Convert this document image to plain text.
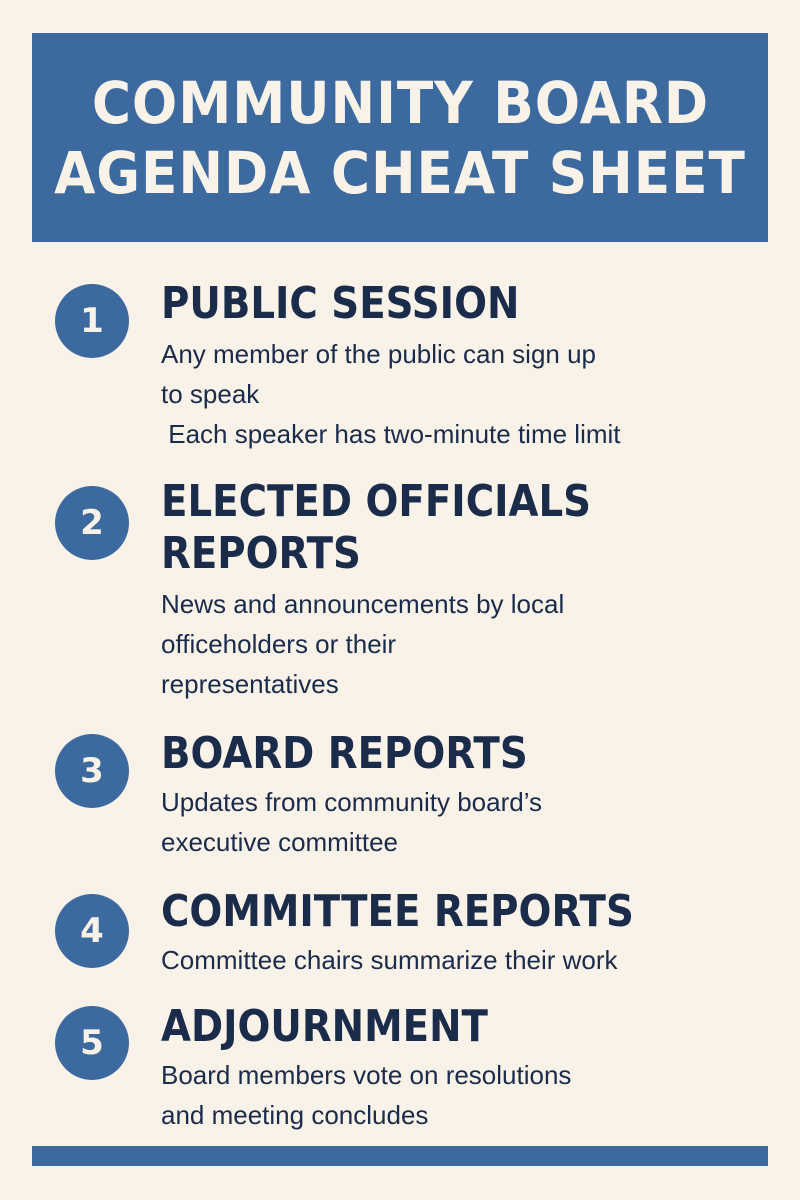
COMMUNITY BOARD
AGENDA CHEAT SHEET
1	PUBLIC SESSION
Any member of the public can sign up
to speak
Each speaker has two-minute time limit
2	ELECTED OFFICIALS
REPORTS
News and announcements by local
officeholders or their
representatives
3	BOARD REPORTS
Updates from community board’s
executive committee
4	COMMITTEE REPORTS
Committee chairs summarize their work
5	ADJOURNMENT
Board members vote on resolutions
and meeting concludes
